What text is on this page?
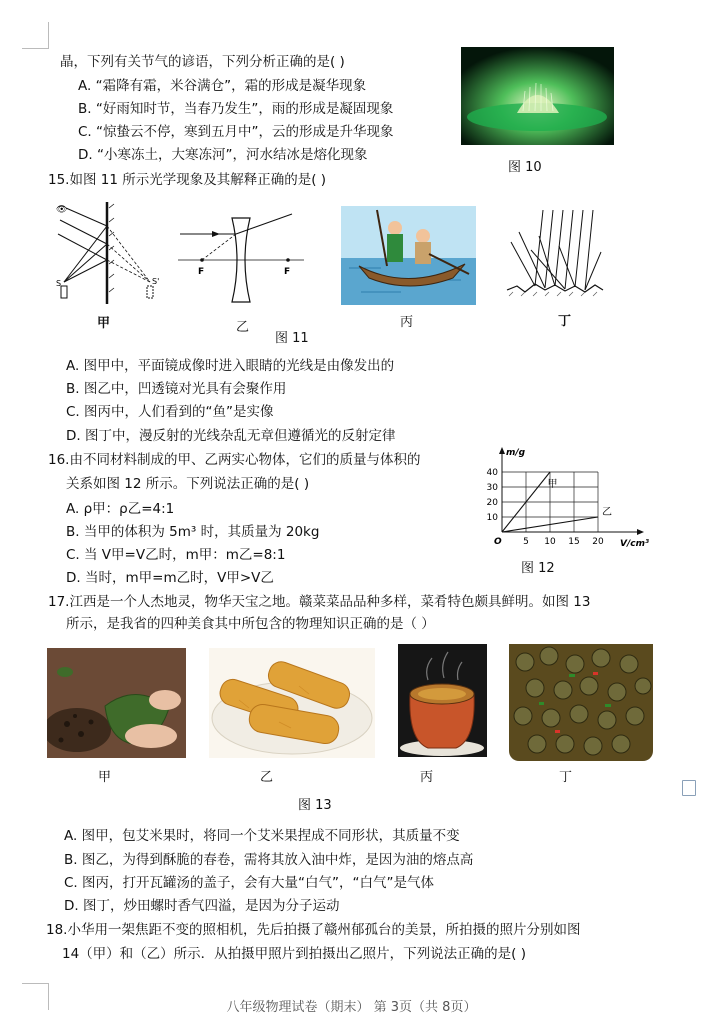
晶，下列有关节气的谚语，下列分析正确的是( )
A. “霜降有霜，米谷满仓”，霜的形成是凝华现象
B. “好雨知时节，当春乃发生”，雨的形成是凝固现象
C. “惊蛰云不停，寒到五月中”，云的形成是升华现象
D. “小寒冻土，大寒冻河”，河水结冰是熔化现象
图 10
15.如图 11 所示光学现象及其解释正确的是( )
S	S'
👁
甲
F	F
乙
图 11
丙	丁
A. 图甲中，平面镜成像时进入眼睛的光线是由像发出的
B. 图乙中，凹透镜对光具有会聚作用
C. 图丙中，人们看到的“鱼”是实像
D. 图丁中，漫反射的光线杂乱无章但遵循光的反射定律
16.由不同材料制成的甲、乙两实心物体，它们的质量与体积的
关系如图 12 所示。下列说法正确的是( )
A. ρ甲：ρ乙=4:1
B. 当甲的体积为 5m³ 时，其质量为 20kg
C. 当 V甲=V乙时，m甲：m乙=8:1
D. 当时，m甲=m乙时，V甲>V乙
5 10 15 20
10
20
30
40
O
m/g
V/cm³
甲
乙
图 12
17.江西是一个人杰地灵，物华天宝之地。赣菜菜品品种多样，菜肴特色颇具鲜明。如图 13
所示，是我省的四种美食其中所包含的物理知识正确的是（ ）
甲	乙	丙	丁
图 13
A. 图甲，包艾米果时，将同一个艾米果捏成不同形状，其质量不变
B. 图乙，为得到酥脆的春卷，需将其放入油中炸，是因为油的熔点高
C. 图丙，打开瓦罐汤的盖子，会有大量“白气”，“白气”是气体
D. 图丁，炒田螺时香气四溢，是因为分子运动
18.小华用一架焦距不变的照相机，先后拍摄了赣州郁孤台的美景，所拍摄的照片分别如图
14（甲）和（乙）所示．从拍摄甲照片到拍摄出乙照片，下列说法正确的是( )
八年级物理试卷（期末） 第 3页（共 8页）
